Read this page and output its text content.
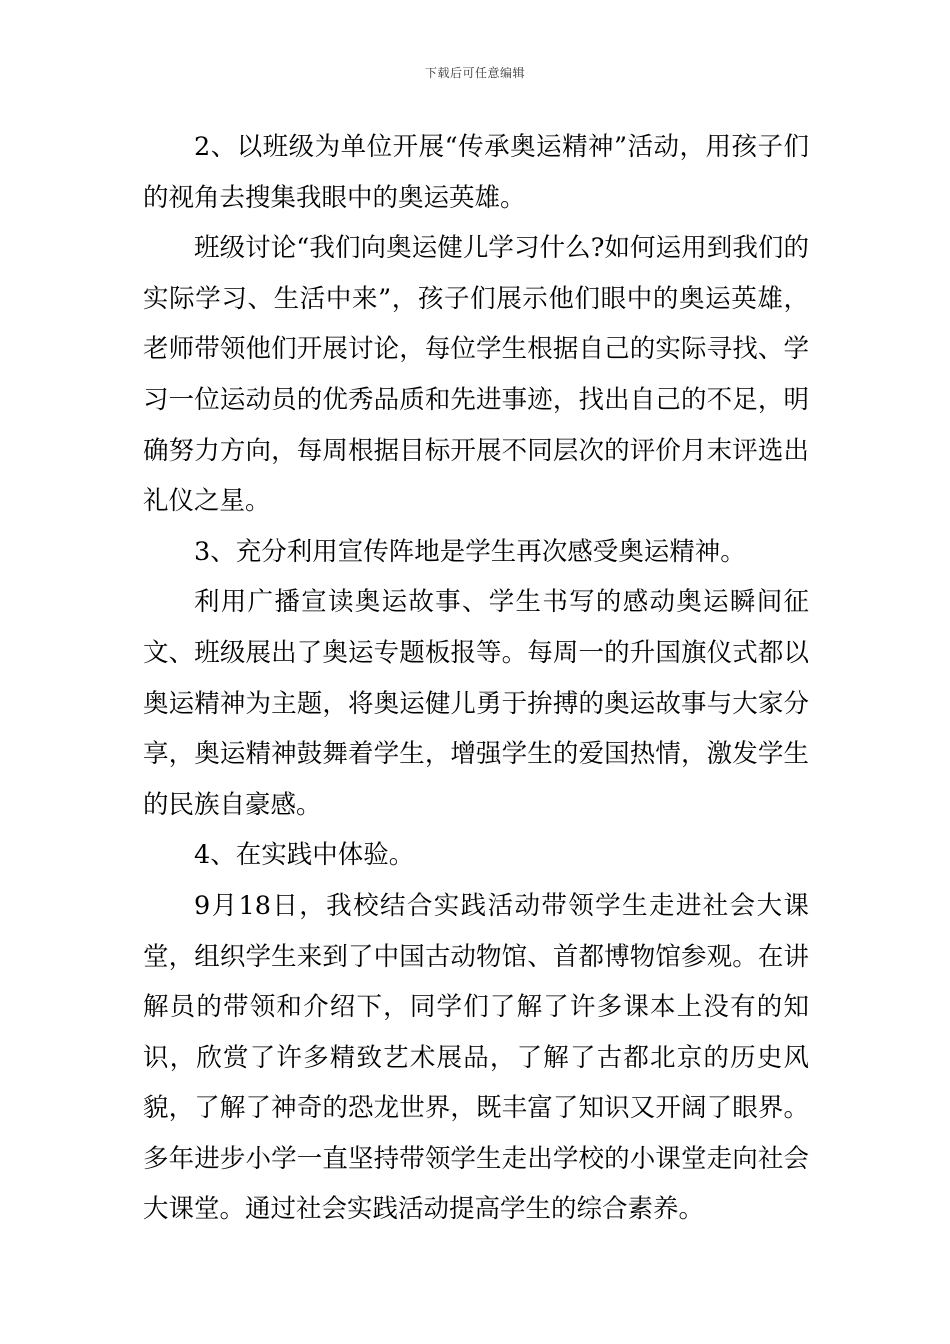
下载后可任意编辑

2、以班级为单位开展“传承奥运精神”活动，用孩子们的视角去搜集我眼中的奥运英雄。

班级讨论“我们向奥运健儿学习什么?如何运用到我们的实际学习、生活中来”，孩子们展示他们眼中的奥运英雄，老师带领他们开展讨论，每位学生根据自己的实际寻找、学习一位运动员的优秀品质和先进事迹，找出自己的不足，明确努力方向，每周根据目标开展不同层次的评价月末评选出礼仪之星。

3、充分利用宣传阵地是学生再次感受奥运精神。

利用广播宣读奥运故事、学生书写的感动奥运瞬间征文、班级展出了奥运专题板报等。每周一的升国旗仪式都以奥运精神为主题，将奥运健儿勇于拚搏的奥运故事与大家分享，奥运精神鼓舞着学生，增强学生的爱国热情，激发学生的民族自豪感。

4、在实践中体验。

9月18日，我校结合实践活动带领学生走进社会大课堂，组织学生来到了中国古动物馆、首都博物馆参观。在讲解员的带领和介绍下，同学们了解了许多课本上没有的知识，欣赏了许多精致艺术展品，了解了古都北京的历史风貌，了解了神奇的恐龙世界，既丰富了知识又开阔了眼界。多年进步小学一直坚持带领学生走出学校的小课堂走向社会大课堂。通过社会实践活动提高学生的综合素养。
